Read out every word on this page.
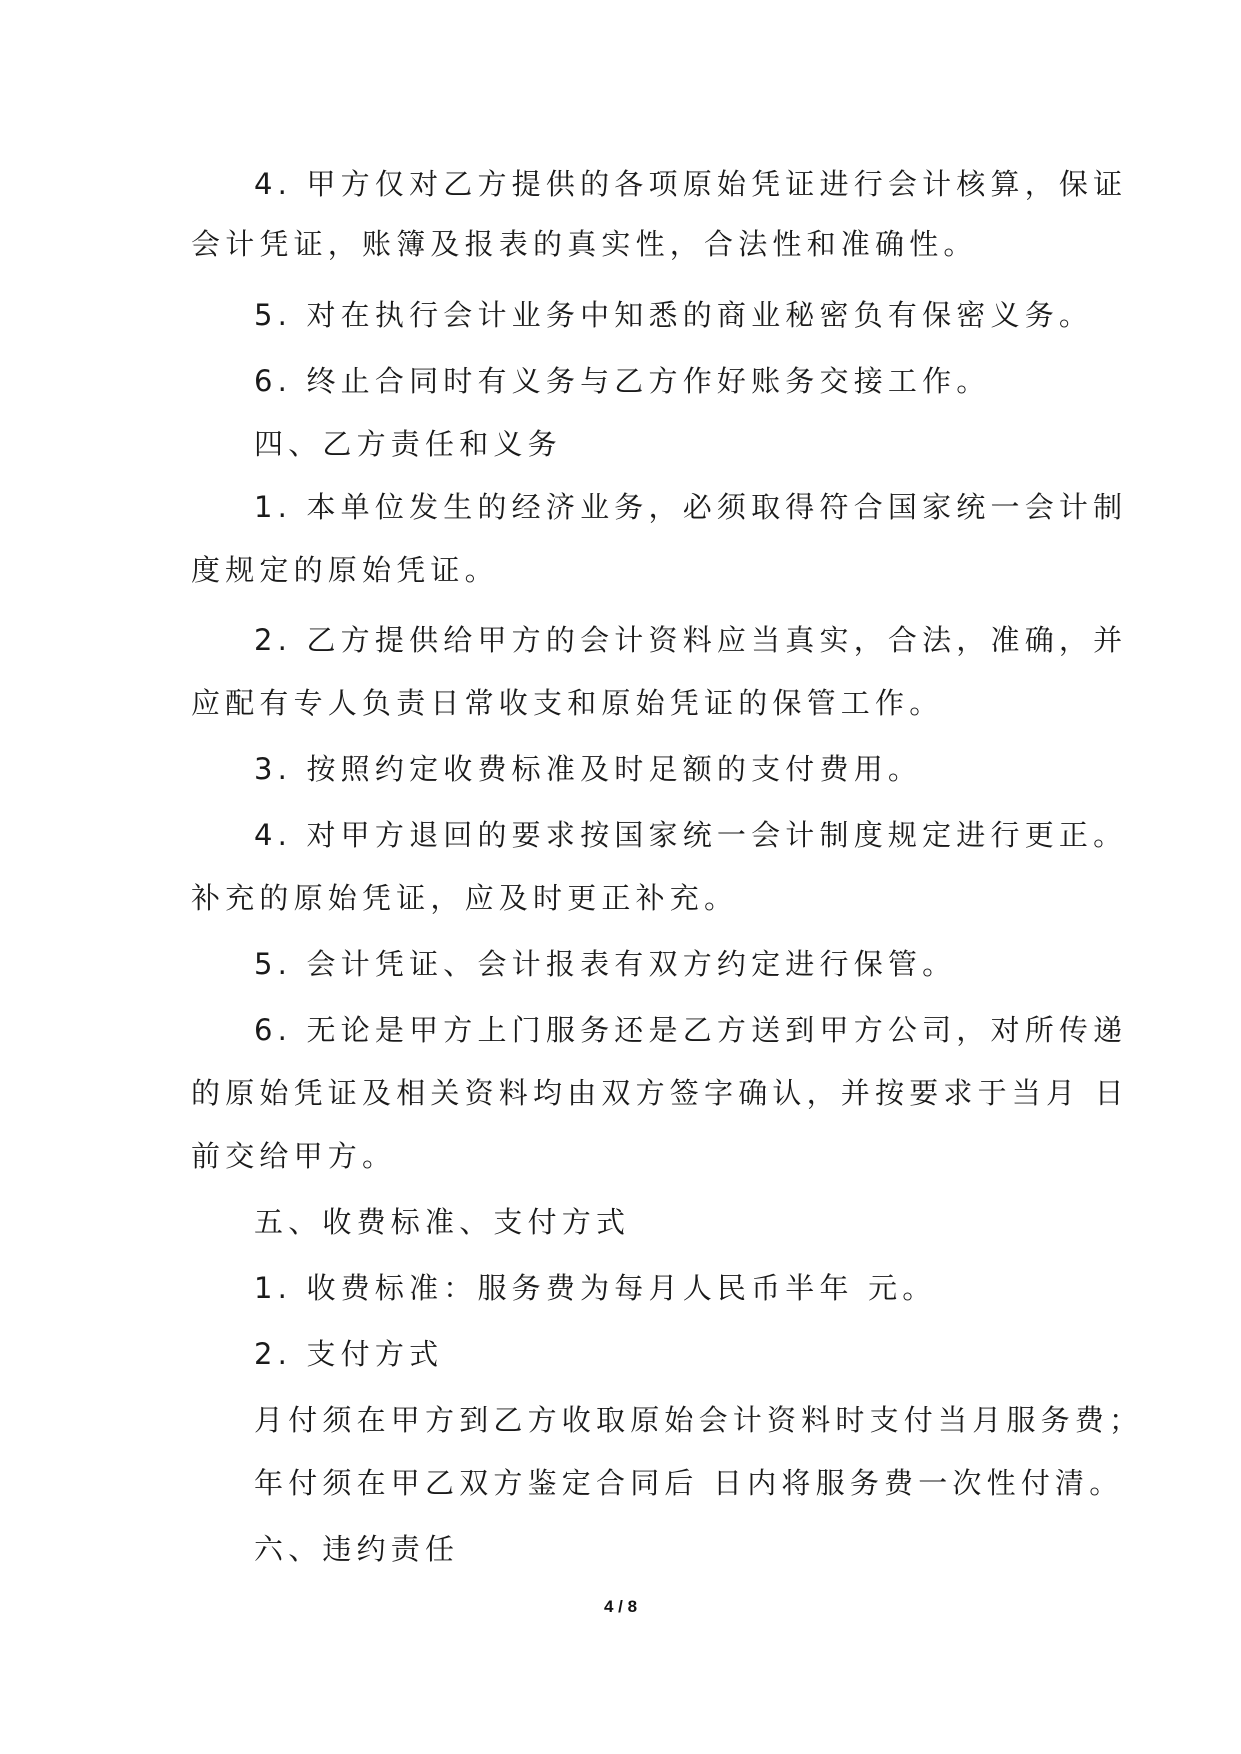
4. 甲方仅对乙方提供的各项原始凭证进行会计核算，保证
会计凭证，账簿及报表的真实性，合法性和准确性。
5. 对在执行会计业务中知悉的商业秘密负有保密义务。
6. 终止合同时有义务与乙方作好账务交接工作。
四、乙方责任和义务
1. 本单位发生的经济业务，必须取得符合国家统一会计制
度规定的原始凭证。
2. 乙方提供给甲方的会计资料应当真实，合法，准确，并
应配有专人负责日常收支和原始凭证的保管工作。
3. 按照约定收费标准及时足额的支付费用。
4. 对甲方退回的要求按国家统一会计制度规定进行更正。
补充的原始凭证，应及时更正补充。
5. 会计凭证、会计报表有双方约定进行保管。
6. 无论是甲方上门服务还是乙方送到甲方公司，对所传递
的原始凭证及相关资料均由双方签字确认，并按要求于当月 日
前交给甲方。
五、收费标准、支付方式
1. 收费标准：服务费为每月人民币半年 元。
2. 支付方式
月付须在甲方到乙方收取原始会计资料时支付当月服务费；
年付须在甲乙双方鉴定合同后 日内将服务费一次性付清。
六、违约责任
4 / 8
